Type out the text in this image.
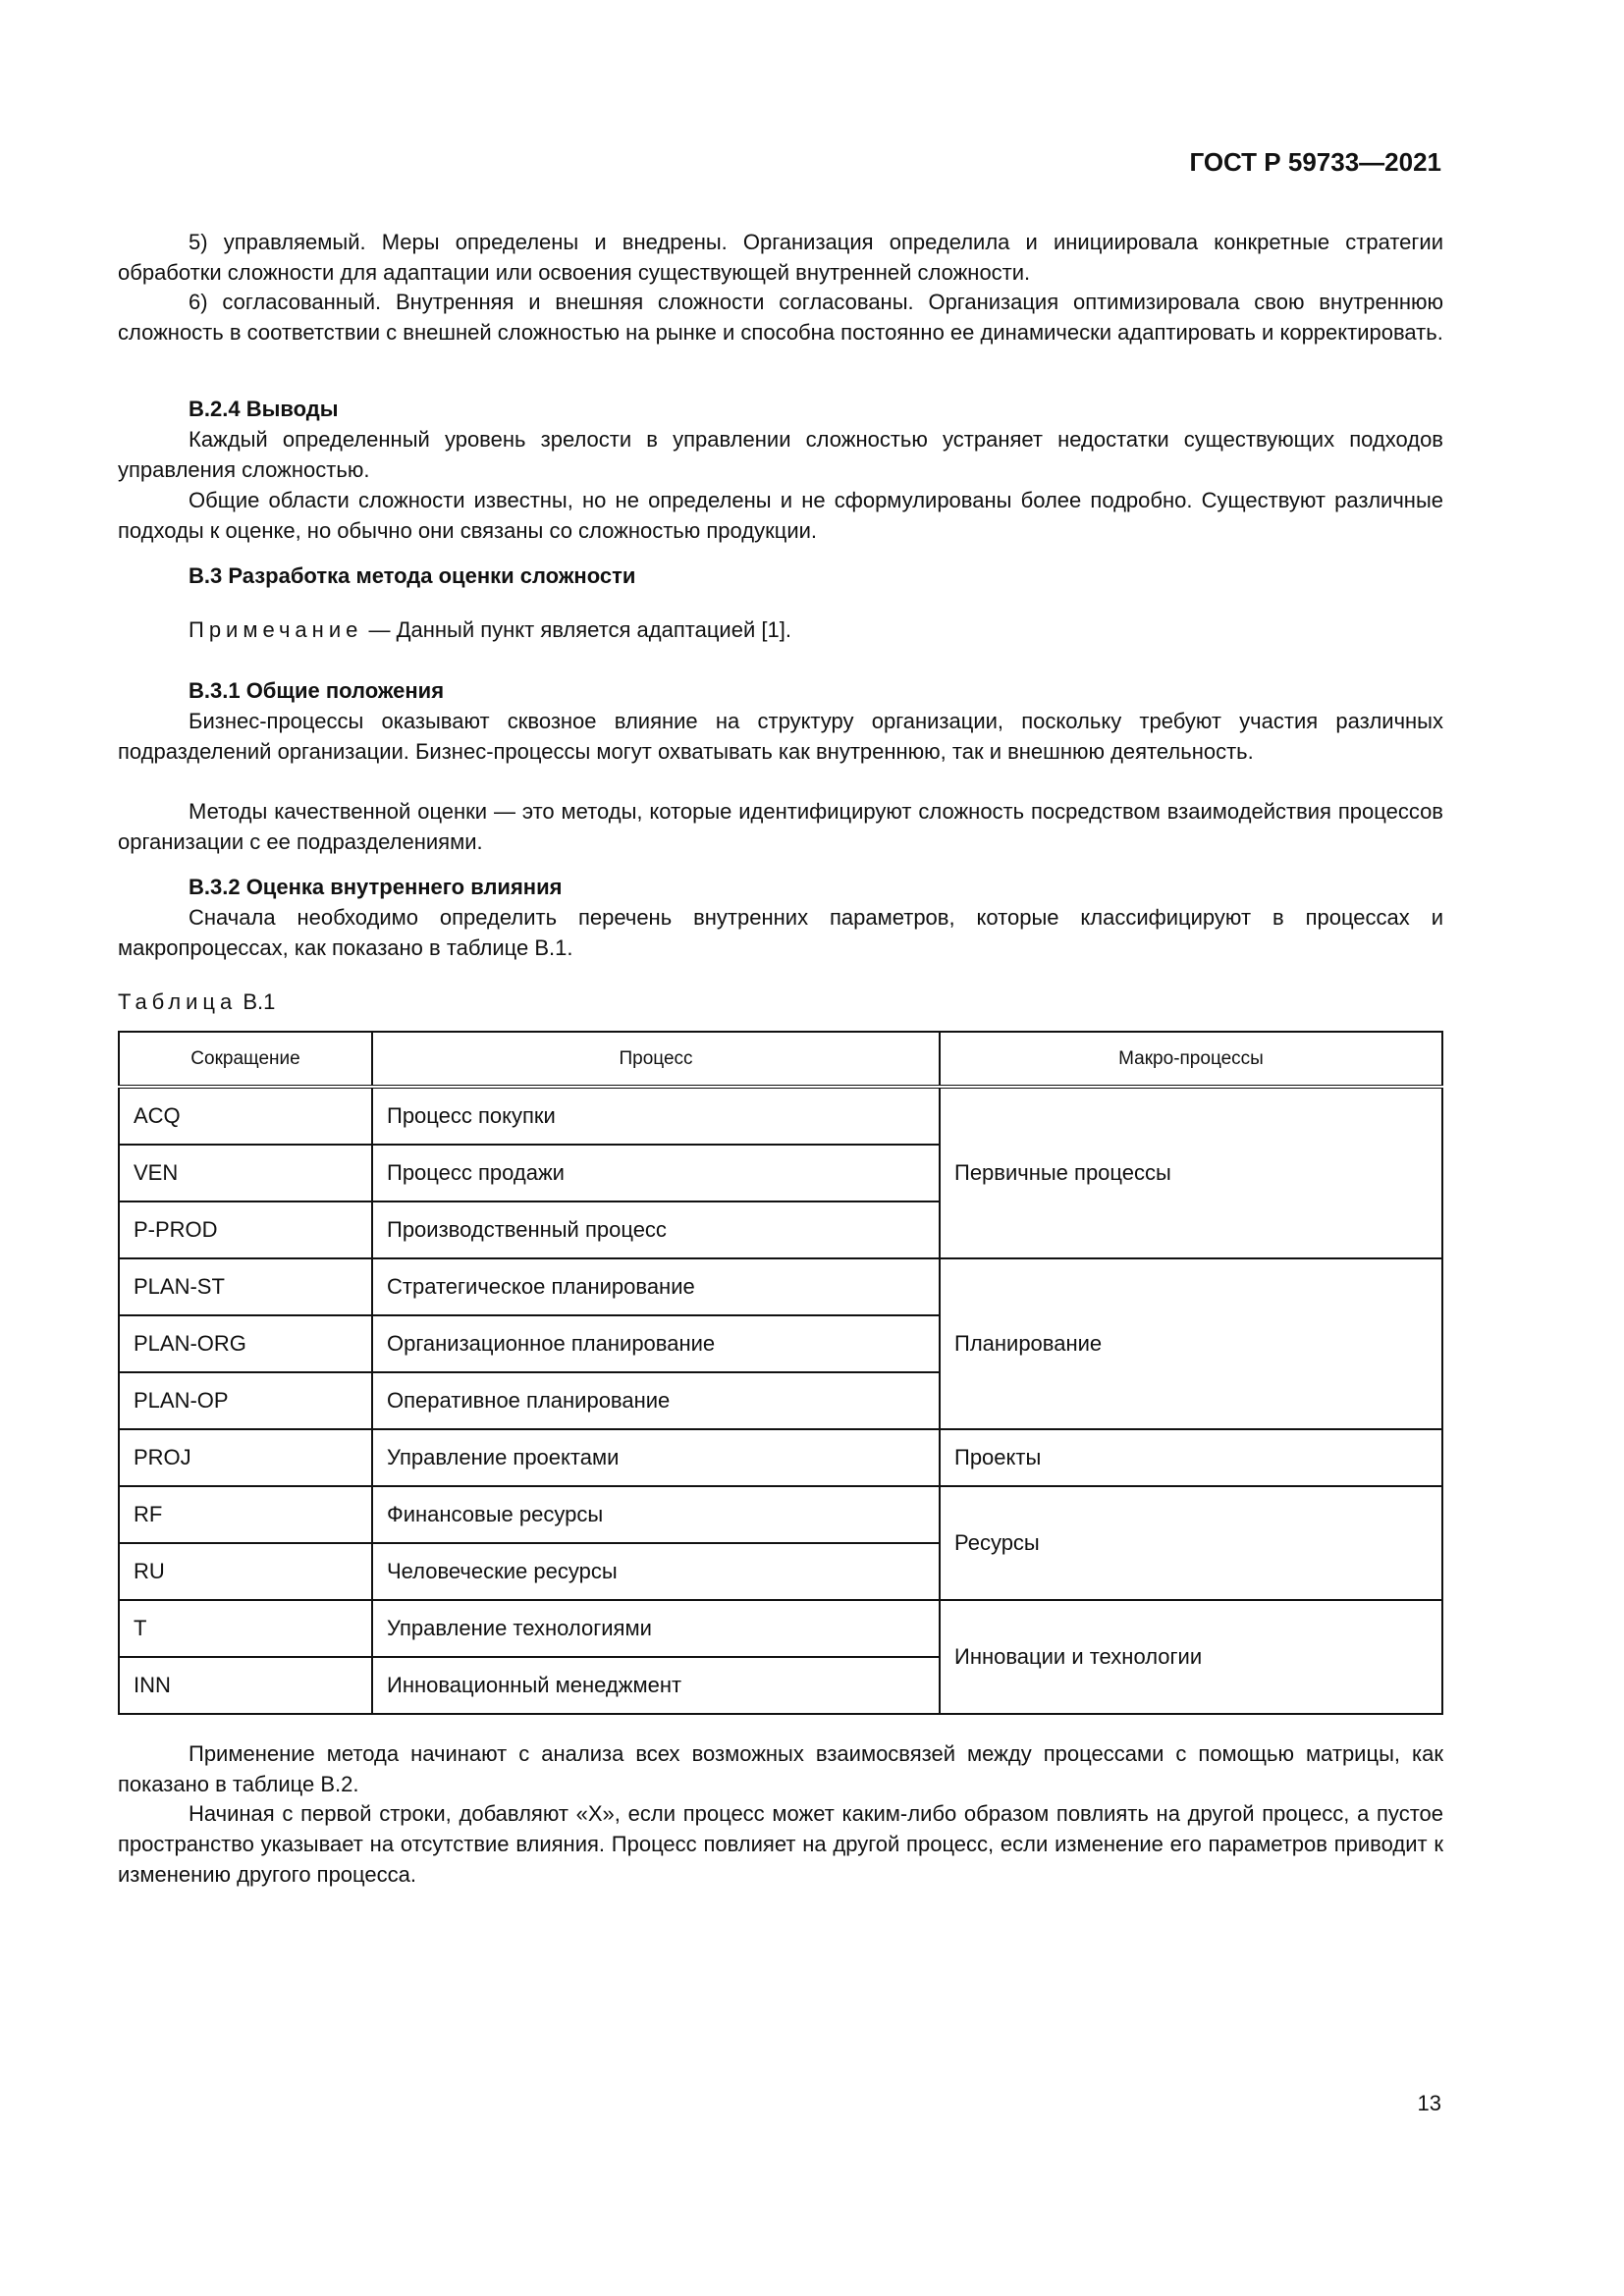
ГОСТ Р 59733—2021

5) управляемый. Меры определены и внедрены. Организация определила и инициировала конкретные стратегии обработки сложности для адаптации или освоения существующей внутренней сложности.

6) согласованный. Внутренняя и внешняя сложности согласованы. Организация оптимизировала свою внутреннюю сложность в соответствии с внешней сложностью на рынке и способна постоянно ее динамически адаптировать и корректировать.

В.2.4 Выводы

Каждый определенный уровень зрелости в управлении сложностью устраняет недостатки существующих подходов управления сложностью.

Общие области сложности известны, но не определены и не сформулированы более подробно. Существуют различные подходы к оценке, но обычно они связаны со сложностью продукции.

В.3 Разработка метода оценки сложности

Примечание — Данный пункт является адаптацией [1].

В.3.1 Общие положения

Бизнес-процессы оказывают сквозное влияние на структуру организации, поскольку требуют участия различных подразделений организации. Бизнес-процессы могут охватывать как внутреннюю, так и внешнюю деятельность.

Методы качественной оценки — это методы, которые идентифицируют сложность посредством взаимодействия процессов организации с ее подразделениями.

В.3.2 Оценка внутреннего влияния

Сначала необходимо определить перечень внутренних параметров, которые классифицируют в процессах и макропроцессах, как показано в таблице В.1.

Таблица В.1
Сокращение	Процесс	Макро-процессы
ACQ	Процесс покупки	Первичные процессы
VEN	Процесс продажи	
P-PROD	Производственный процесс	
PLAN-ST	Стратегическое планирование	Планирование
PLAN-ORG	Организационное планирование	
PLAN-OP	Оперативное планирование	
PROJ	Управление проектами	Проекты
RF	Финансовые ресурсы	Ресурсы
RU	Человеческие ресурсы	
T	Управление технологиями	Инновации и технологии
INN	Инновационный менеджмент	

Применение метода начинают с анализа всех возможных взаимосвязей между процессами с помощью матрицы, как показано в таблице В.2.

Начиная с первой строки, добавляют «Х», если процесс может каким-либо образом повлиять на другой процесс, а пустое пространство указывает на отсутствие влияния. Процесс повлияет на другой процесс, если изменение его параметров приводит к изменению другого процесса.

13
